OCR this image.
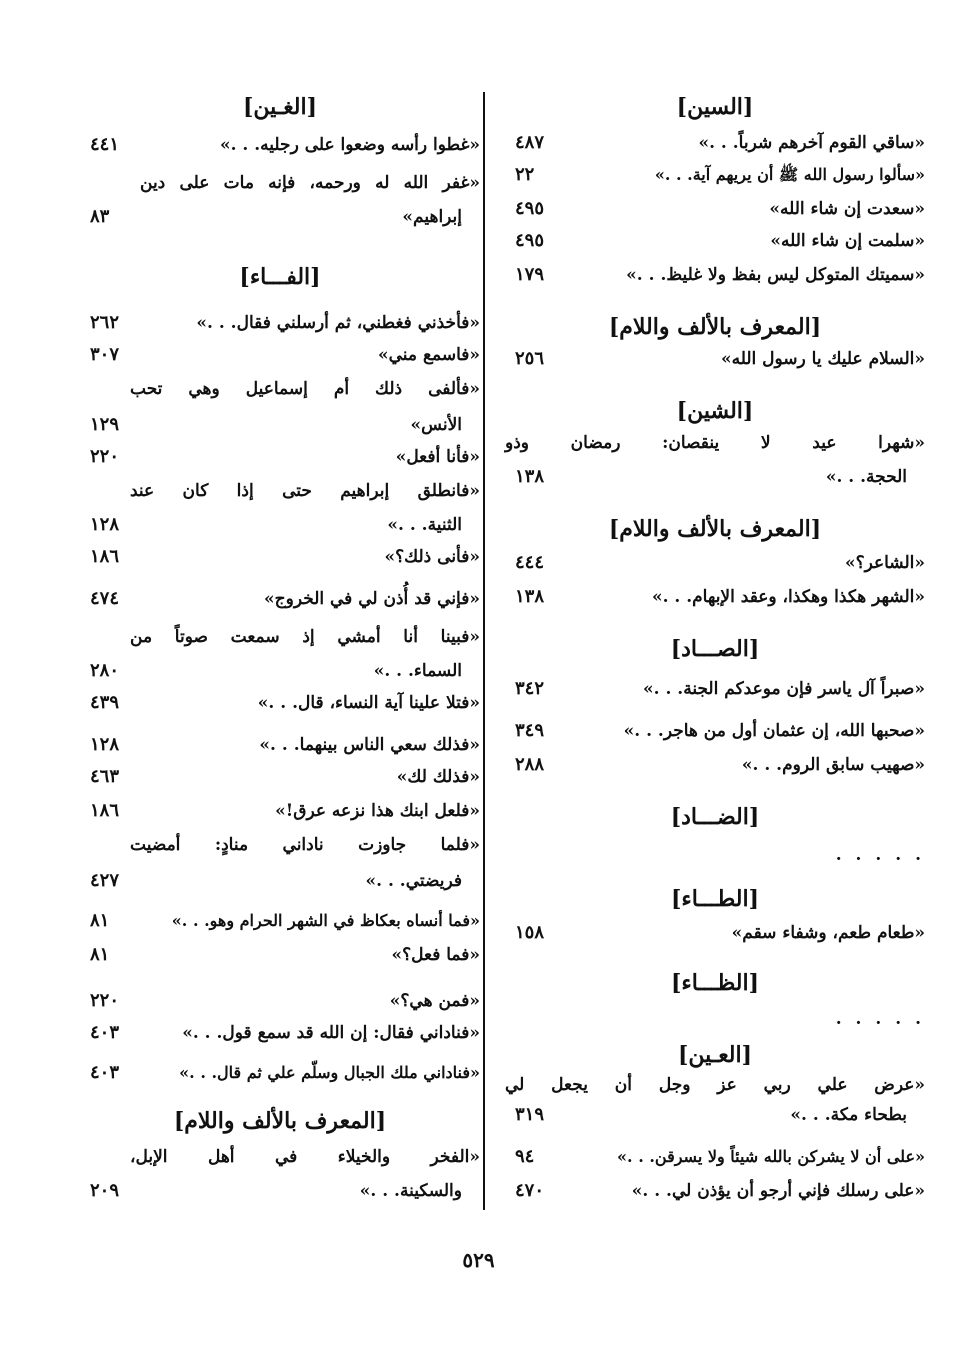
[السين]
«ساقي القوم آخرهم شرباً. . .»
٤٨٧
«سألوا رسول الله ﷺ أن يريهم آية. . .»
٢٢
«سعدت إن شاء الله»
٤٩٥
«سلمت إن شاء الله»
٤٩٥
«سميتك المتوكل ليس بفظ ولا غليظ. . .»
١٧٩
[المعرف بالألف واللام]
«السلام عليك يا رسول الله»
٢٥٦
[الشين]
«شهرا عيد لا ينقصان: رمضان وذو
الحجة. . .»
١٣٨
[المعرف بالألف واللام]
«الشاعر؟»
٤٤٤
«الشهر هكذا وهكذا، وعقد الإبهام. . .»
١٣٨
[الصـــاد]
«صبراً آل ياسر فإن موعدكم الجنة. . .»
٣٤٢
«صحبها الله، إن عثمان أول من هاجر. . .»
٣٤٩
«صهيب سابق الروم. . .»
٢٨٨
[الضـــاد]
. . . . .
[الطـــاء]
«طعام طعم، وشفاء سقم»
١٥٨
[الظـــاء]
. . . . .
[العـين]
«عرض علي ربي عز وجل أن يجعل لي
بطحاء مكة. . .»
٣١٩
«على أن لا يشركن بالله شيئاً ولا يسرقن. . .»
٩٤
«على رسلك فإني أرجو أن يؤذن لي. . .»
٤٧٠
[الغـين]
«غطوا رأسه وضعوا على رجليه. . .»
٤٤١
«غفر الله له ورحمه، فإنه مات على دين
إبراهيم»
٨٣
[الفـــاء]
«فأخذني فغطني، ثم أرسلني فقال. . .»
٢٦٢
«فاسمع مني»
٣٠٧
«فألفى ذلك أم إسماعيل وهي تحب
الأنس»
١٢٩
«فأنا أفعل»
٢٢٠
«فانطلق إبراهيم حتى إذا كان عند
الثنية. . .»
١٢٨
«فأنى ذلك؟»
١٨٦
«فإني قد أُذن لي في الخروج»
٤٧٤
«فبينا أنا أمشي إذ سمعت صوتاً من
السماء. . .»
٢٨٠
«فتلا علينا آية النساء، قال. . .»
٤٣٩
«فذلك سعي الناس بينهما. . .»
١٢٨
«فذلك لك»
٤٦٣
«فلعل ابنك هذا نزعه عرق!»
١٨٦
«فلما جاوزت ناداني منادٍ: أمضيت
فريضتي. . .»
٤٢٧
«فما أنساه بعكاظ في الشهر الحرام وهو. . .»
٨١
«فما فعل؟»
٨١
«فمن هي؟»
٢٢٠
«فناداني فقال: إن الله قد سمع قول. . .»
٤٠٣
«فناداني ملك الجبال وسلّم علي ثم قال. . .»
٤٠٣
[المعرف بالألف واللام]
«الفخر والخيلاء في أهل الإبل،
والسكينة. . .»
٢٠٩
٥٢٩
